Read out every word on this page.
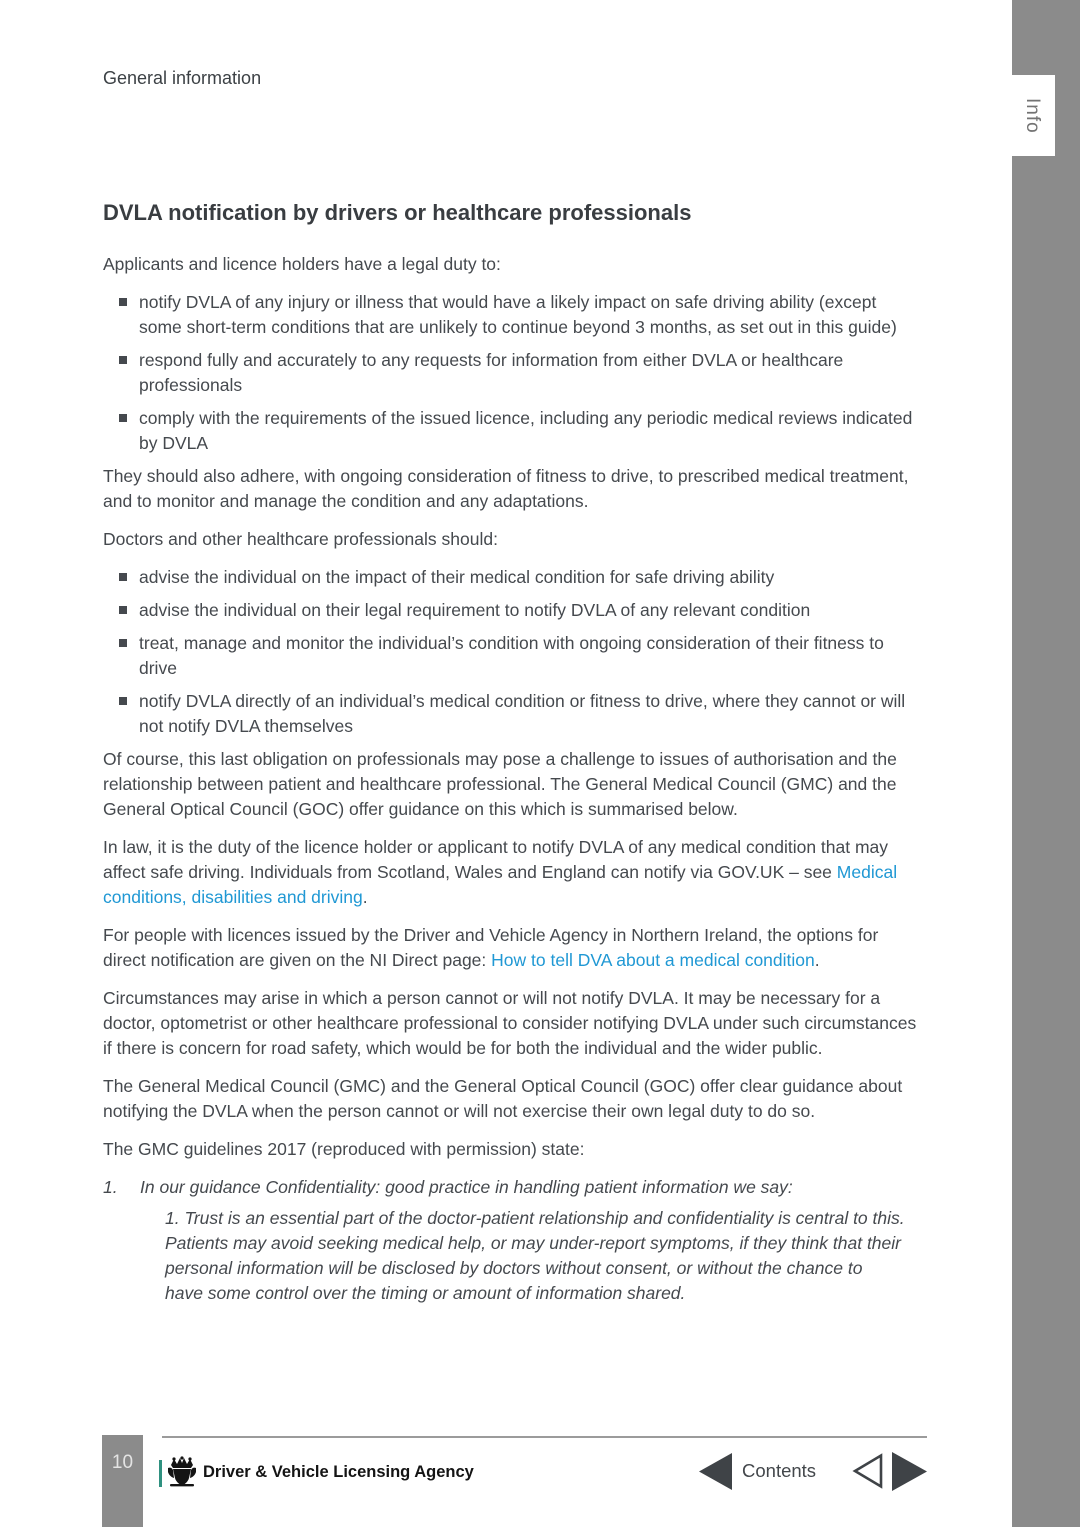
General information
Info
DVLA notification by drivers or healthcare professionals

Applicants and licence holders have a legal duty to:

notify DVLA of any injury or illness that would have a likely impact on safe driving ability (except some short-term conditions that are unlikely to continue beyond 3 months, as set out in this guide)
respond fully and accurately to any requests for information from either DVLA or healthcare professionals
comply with the requirements of the issued licence, including any periodic medical reviews indicated by DVLA

They should also adhere, with ongoing consideration of fitness to drive, to prescribed medical treatment, and to monitor and manage the condition and any adaptations.

Doctors and other healthcare professionals should:

advise the individual on the impact of their medical condition for safe driving ability
advise the individual on their legal requirement to notify DVLA of any relevant condition
treat, manage and monitor the individual’s condition with ongoing consideration of their fitness to drive
notify DVLA directly of an individual’s medical condition or fitness to drive, where they cannot or will not notify DVLA themselves

Of course, this last obligation on professionals may pose a challenge to issues of authorisation and the relationship between patient and healthcare professional. The General Medical Council (GMC) and the General Optical Council (GOC) offer guidance on this which is summarised below.

In law, it is the duty of the licence holder or applicant to notify DVLA of any medical condition that may affect safe driving. Individuals from Scotland, Wales and England can notify via GOV.UK – see Medical conditions, disabilities and driving.

For people with licences issued by the Driver and Vehicle Agency in Northern Ireland, the options for direct notification are given on the NI Direct page: How to tell DVA about a medical condition.

Circumstances may arise in which a person cannot or will not notify DVLA. It may be necessary for a doctor, optometrist or other healthcare professional to consider notifying DVLA under such circumstances if there is concern for road safety, which would be for both the individual and the wider public.

The General Medical Council (GMC) and the General Optical Council (GOC) offer clear guidance about notifying the DVLA when the person cannot or will not exercise their own legal duty to do so.

The GMC guidelines 2017 (reproduced with permission) state:

1.	In our guidance Confidentiality: good practice in handling patient information we say:
1. Trust is an essential part of the doctor-patient relationship and confidentiality is central to this. Patients may avoid seeking medical help, or may under-report symptoms, if they think that their personal information will be disclosed by doctors without consent, or without the chance to have some control over the timing or amount of information shared.
10	Driver & Vehicle Licensing Agency	Contents
